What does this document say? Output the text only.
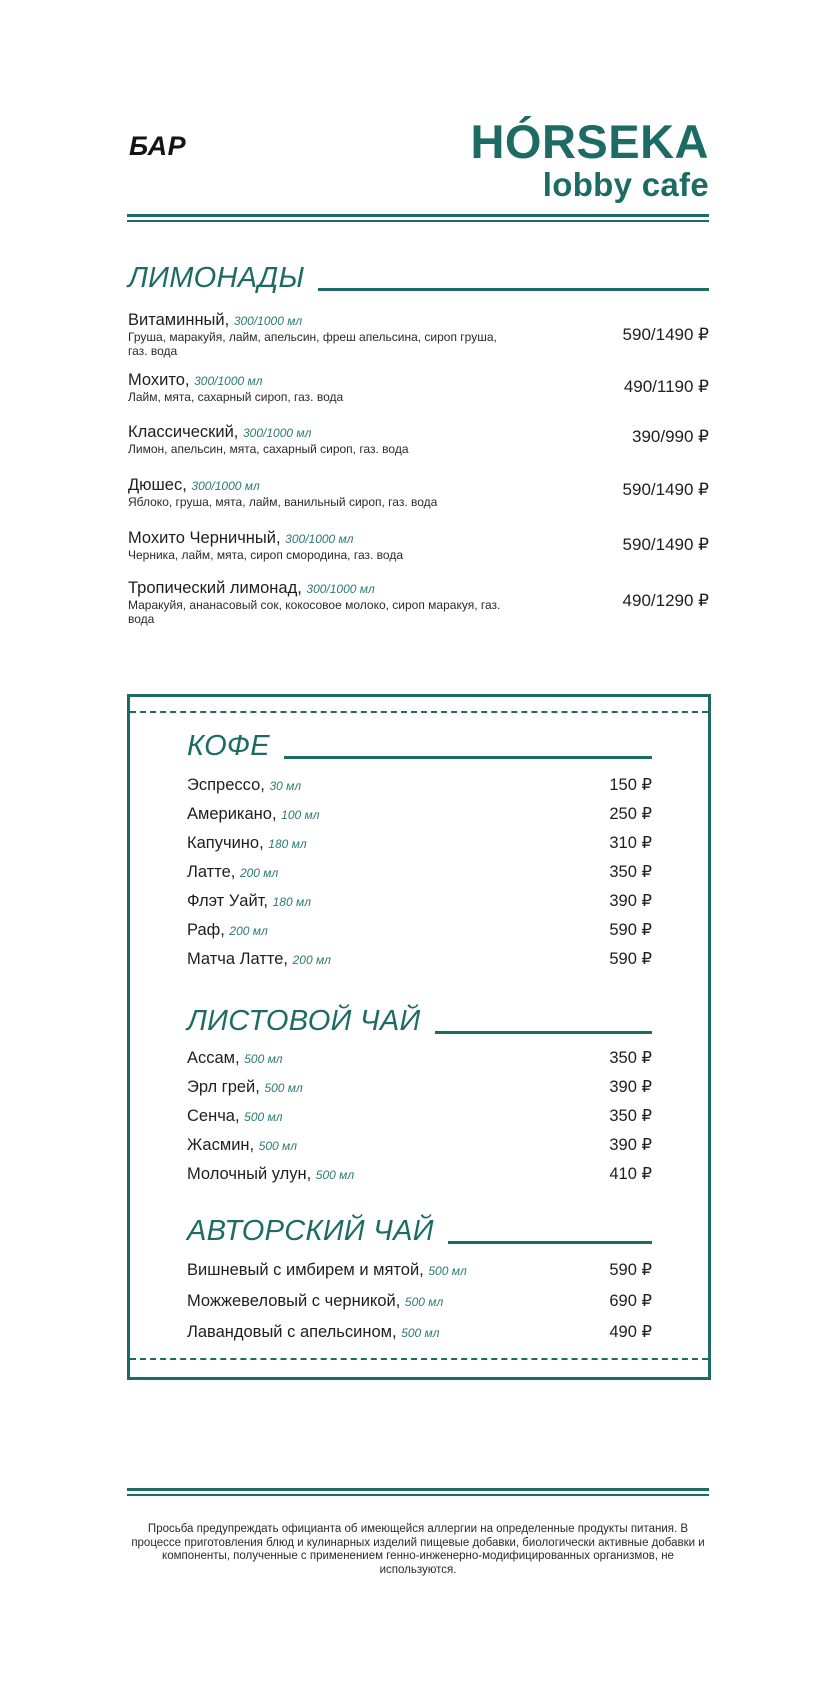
БАР	HÓRSEKA
lobby cafe
ЛИМОНАДЫ
Витаминный, 300/1000 мл
Груша, маракуйя, лайм, апельсин, фреш апельсина, сироп груша, газ. вода
590/1490 ₽
Мохито, 300/1000 мл
Лайм, мята, сахарный сироп, газ. вода
490/1190 ₽
Классический, 300/1000 мл
Лимон, апельсин, мята, сахарный сироп, газ. вода
390/990 ₽
Дюшес, 300/1000 мл
Яблоко, груша, мята, лайм, ванильный сироп, газ. вода
590/1490 ₽
Мохито Черничный, 300/1000 мл
Черника, лайм, мята, сироп смородина, газ. вода
590/1490 ₽
Тропический лимонад, 300/1000 мл
Маракуйя, ананасовый сок, кокосовое молоко, сироп маракуя, газ. вода
490/1290 ₽
КОФЕ
Эспрессо, 30 мл	150 ₽
Американо, 100 мл	250 ₽
Капучино, 180 мл	310 ₽
Латте, 200 мл	350 ₽
Флэт Уайт, 180 мл	390 ₽
Раф, 200 мл	590 ₽
Матча Латте, 200 мл	590 ₽
ЛИСТОВОЙ ЧАЙ
Ассам, 500 мл	350 ₽
Эрл грей, 500 мл	390 ₽
Сенча, 500 мл	350 ₽
Жасмин, 500 мл	390 ₽
Молочный улун, 500 мл	410 ₽
АВТОРСКИЙ ЧАЙ
Вишневый с имбирем и мятой, 500 мл	590 ₽
Можжевеловый с черникой, 500 мл	690 ₽
Лавандовый с апельсином, 500 мл	490 ₽
Просьба предупреждать официанта об имеющейся аллергии на определенные продукты питания. В процессе приготовления блюд и кулинарных изделий пищевые добавки, биологически активные добавки и компоненты, полученные с применением генно-инженерно-модифицированных организмов, не используются.
